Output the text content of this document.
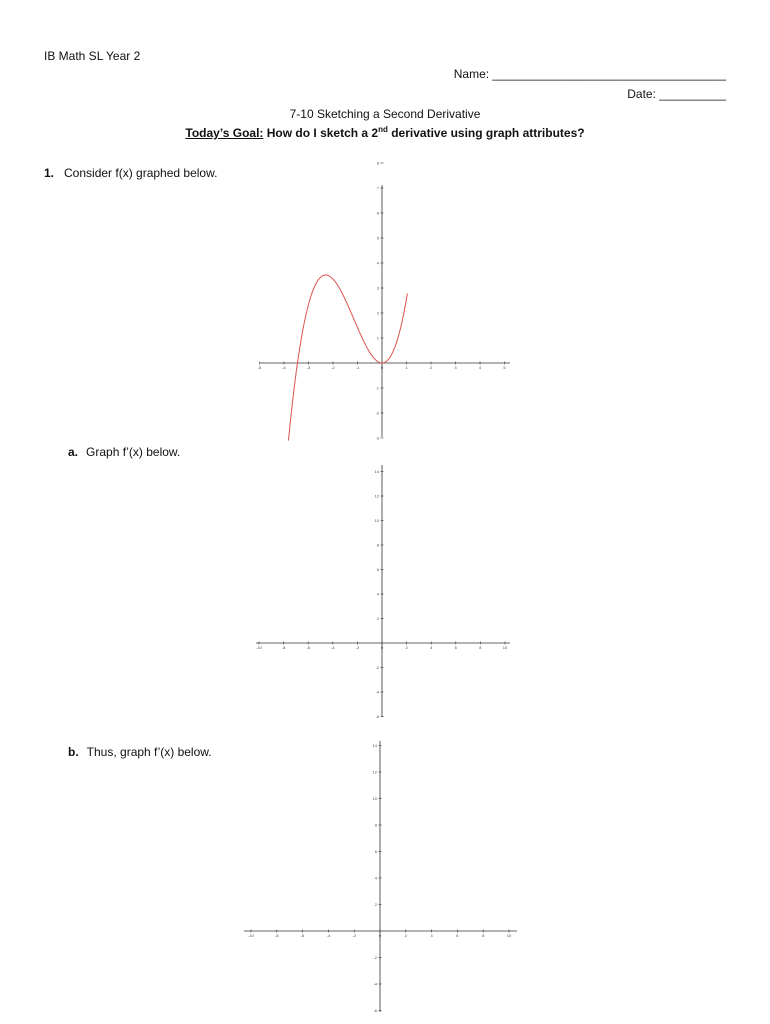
IB Math SL Year 2
Name: ___________________________________
Date: __________
7-10 Sketching a Second Derivative
Today’s Goal: How do I sketch a 2nd derivative using graph attributes?
1. Consider f(x) graphed below.
-5	-4	-3	-2	-1	0	1	2	3	4	5
8
7
6
5
4
3
2
1
-1
-2
-3
a. Graph f’(x) below.
-10	-8	-6	-4	-2	0	2	4	6	8	10
14
12
10
8
6
4
2
-2
-4
-6
b. Thus, graph f’(x) below.
-10	-8	-6	-4	-2	0	2	4	6	8	10
14
12
10
8
6
4
2
-2
-4
-6
